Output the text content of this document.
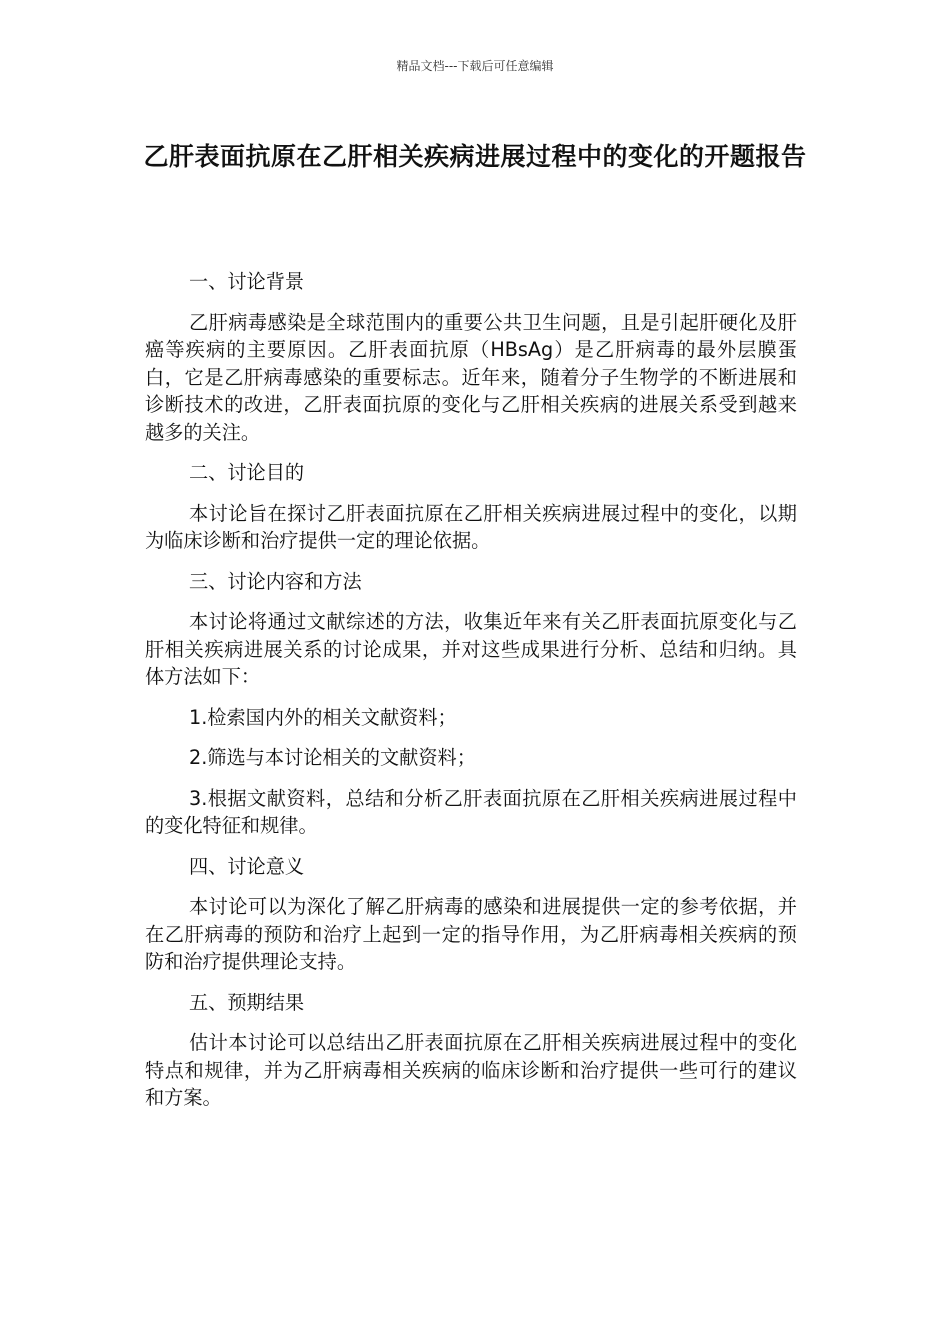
精品文档---下载后可任意编辑
乙肝表面抗原在乙肝相关疾病进展过程中的变化的开题报告
一、讨论背景

乙肝病毒感染是全球范围内的重要公共卫生问题，且是引起肝硬化及肝癌等疾病的主要原因。乙肝表面抗原（HBsAg）是乙肝病毒的最外层膜蛋白，它是乙肝病毒感染的重要标志。近年来，随着分子生物学的不断进展和诊断技术的改进，乙肝表面抗原的变化与乙肝相关疾病的进展关系受到越来越多的关注。

二、讨论目的

本讨论旨在探讨乙肝表面抗原在乙肝相关疾病进展过程中的变化，以期为临床诊断和治疗提供一定的理论依据。

三、讨论内容和方法

本讨论将通过文献综述的方法，收集近年来有关乙肝表面抗原变化与乙肝相关疾病进展关系的讨论成果，并对这些成果进行分析、总结和归纳。具体方法如下：

1.检索国内外的相关文献资料；

2.筛选与本讨论相关的文献资料；

3.根据文献资料，总结和分析乙肝表面抗原在乙肝相关疾病进展过程中的变化特征和规律。

四、讨论意义

本讨论可以为深化了解乙肝病毒的感染和进展提供一定的参考依据，并在乙肝病毒的预防和治疗上起到一定的指导作用，为乙肝病毒相关疾病的预防和治疗提供理论支持。

五、预期结果

估计本讨论可以总结出乙肝表面抗原在乙肝相关疾病进展过程中的变化特点和规律，并为乙肝病毒相关疾病的临床诊断和治疗提供一些可行的建议和方案。
